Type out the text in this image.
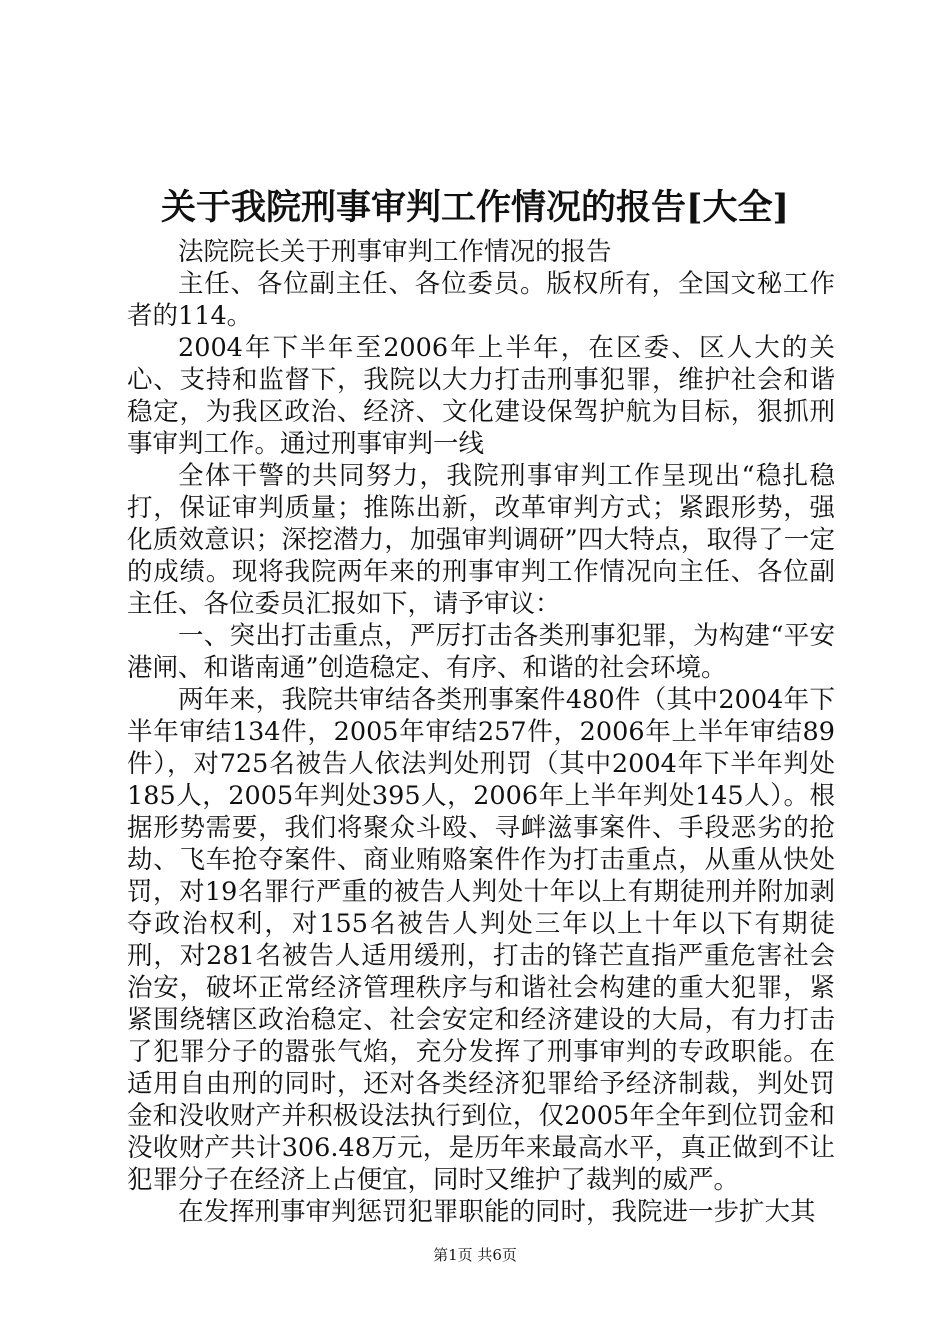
关于我院刑事审判工作情况的报告[大全]

法院院长关于刑事审判工作情况的报告

主任、各位副主任、各位委员。版权所有，全国文秘工作者的114。

2004年下半年至2006年上半年，在区委、区人大的关心、支持和监督下，我院以大力打击刑事犯罪，维护社会和谐稳定，为我区政治、经济、文化建设保驾护航为目标，狠抓刑事审判工作。通过刑事审判一线

全体干警的共同努力，我院刑事审判工作呈现出“稳扎稳打，保证审判质量；推陈出新，改革审判方式；紧跟形势，强化质效意识；深挖潜力，加强审判调研”四大特点，取得了一定的成绩。现将我院两年来的刑事审判工作情况向主任、各位副主任、各位委员汇报如下，请予审议：

一、突出打击重点，严厉打击各类刑事犯罪，为构建“平安港闸、和谐南通”创造稳定、有序、和谐的社会环境。

两年来，我院共审结各类刑事案件480件（其中2004年下半年审结134件，2005年审结257件，2006年上半年审结89件），对725名被告人依法判处刑罚（其中2004年下半年判处185人，2005年判处395人，2006年上半年判处145人）。根据形势需要，我们将聚众斗殴、寻衅滋事案件、手段恶劣的抢劫、飞车抢夺案件、商业贿赂案件作为打击重点，从重从快处罚，对19名罪行严重的被告人判处十年以上有期徒刑并附加剥夺政治权利，对155名被告人判处三年以上十年以下有期徒刑，对281名被告人适用缓刑，打击的锋芒直指严重危害社会治安，破坏正常经济管理秩序与和谐社会构建的重大犯罪，紧紧围绕辖区政治稳定、社会安定和经济建设的大局，有力打击了犯罪分子的嚣张气焰，充分发挥了刑事审判的专政职能。在适用自由刑的同时，还对各类经济犯罪给予经济制裁，判处罚金和没收财产并积极设法执行到位，仅2005年全年到位罚金和没收财产共计306.48万元，是历年来最高水平，真正做到不让犯罪分子在经济上占便宜，同时又维护了裁判的威严。

在发挥刑事审判惩罚犯罪职能的同时，我院进一步扩大其

第1页 共6页
